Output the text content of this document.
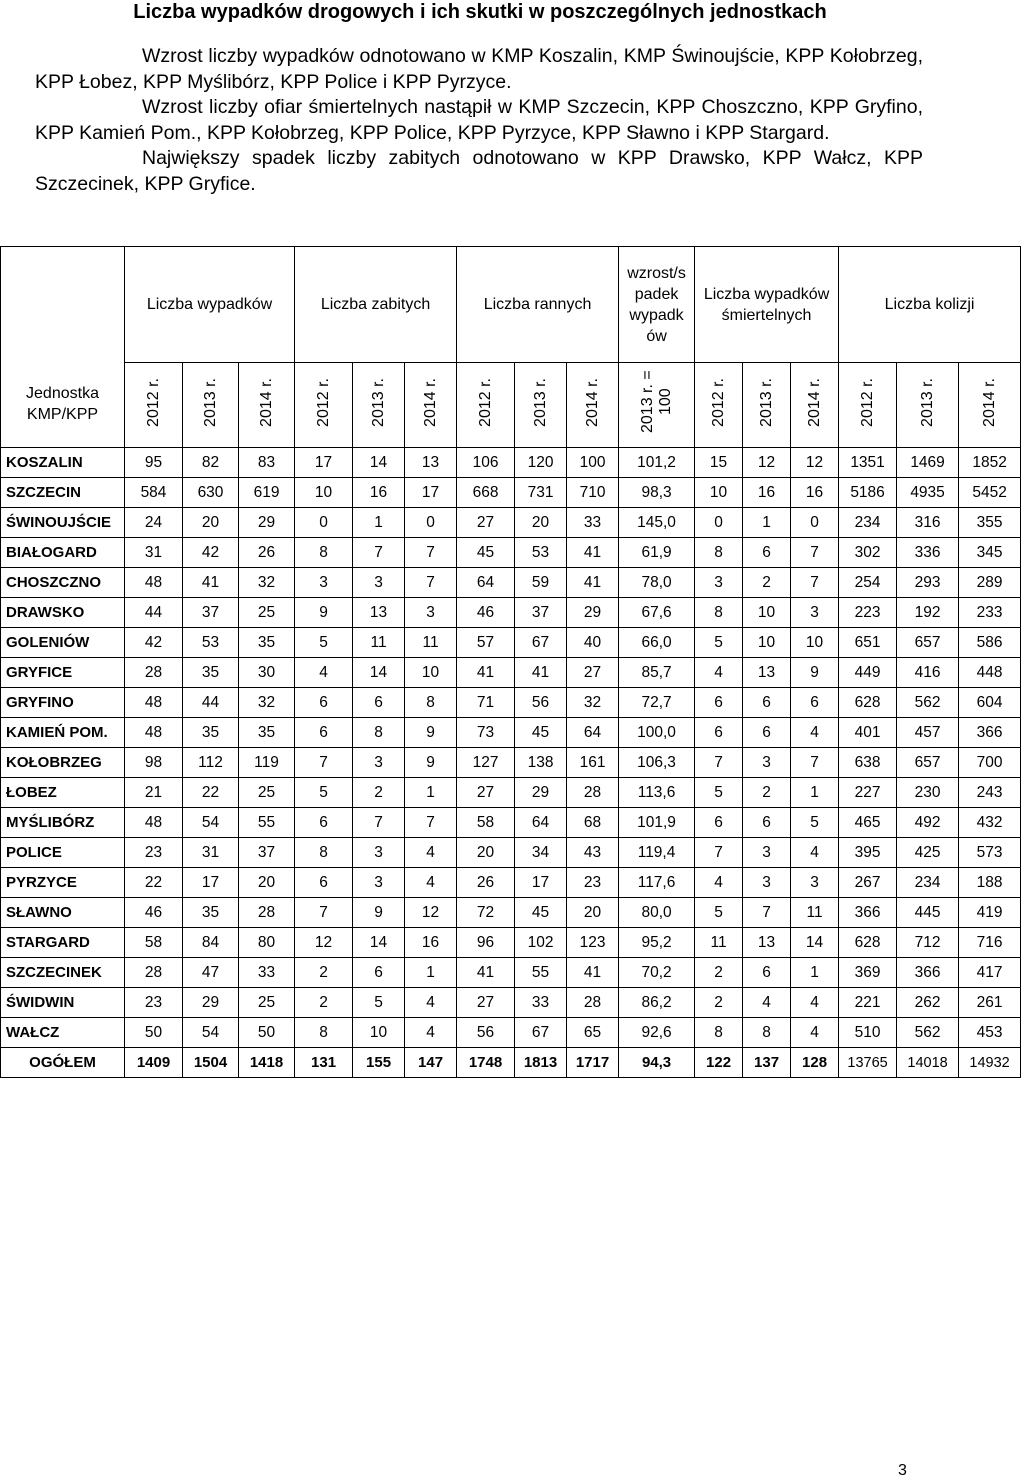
Liczba wypadków drogowych i ich skutki w poszczególnych jednostkach

Wzrost liczby wypadków odnotowano w KMP Koszalin, KMP Świnoujście, KPP Kołobrzeg, KPP Łobez, KPP Myślibórz, KPP Police i KPP Pyrzyce.

Wzrost liczby ofiar śmiertelnych nastąpił w KMP Szczecin, KPP Choszczno, KPP Gryfino, KPP Kamień Pom., KPP Kołobrzeg, KPP Police, KPP Pyrzyce, KPP Sławno i KPP Stargard.

Największy spadek liczby zabitych odnotowano w KPP Drawsko, KPP Wałcz, KPP Szczecinek, KPP Gryfice.

Jednostka KMP/KPP	Liczba wypadków			Liczba zabitych			Liczba rannych			wzrost/s padek wypadk ów	Liczba wypadków śmiertelnych			Liczba kolizji		
	2012 r.	2013 r.	2014 r.	2012 r.	2013 r.	2014 r.	2012 r.	2013 r.	2014 r.	2013 r. = 100	2012 r.	2013 r.	2014 r.	2012 r.	2013 r.	2014 r.
KOSZALIN	95	82	83	17	14	13	106	120	100	101,2	15	12	12	1351	1469	1852
SZCZECIN	584	630	619	10	16	17	668	731	710	98,3	10	16	16	5186	4935	5452
ŚWINOUJŚCIE	24	20	29	0	1	0	27	20	33	145,0	0	1	0	234	316	355
BIAŁOGARD	31	42	26	8	7	7	45	53	41	61,9	8	6	7	302	336	345
CHOSZCZNO	48	41	32	3	3	7	64	59	41	78,0	3	2	7	254	293	289
DRAWSKO	44	37	25	9	13	3	46	37	29	67,6	8	10	3	223	192	233
GOLENIÓW	42	53	35	5	11	11	57	67	40	66,0	5	10	10	651	657	586
GRYFICE	28	35	30	4	14	10	41	41	27	85,7	4	13	9	449	416	448
GRYFINO	48	44	32	6	6	8	71	56	32	72,7	6	6	6	628	562	604
KAMIEŃ POM.	48	35	35	6	8	9	73	45	64	100,0	6	6	4	401	457	366
KOŁOBRZEG	98	112	119	7	3	9	127	138	161	106,3	7	3	7	638	657	700
ŁOBEZ	21	22	25	5	2	1	27	29	28	113,6	5	2	1	227	230	243
MYŚLIBÓRZ	48	54	55	6	7	7	58	64	68	101,9	6	6	5	465	492	432
POLICE	23	31	37	8	3	4	20	34	43	119,4	7	3	4	395	425	573
PYRZYCE	22	17	20	6	3	4	26	17	23	117,6	4	3	3	267	234	188
SŁAWNO	46	35	28	7	9	12	72	45	20	80,0	5	7	11	366	445	419
STARGARD	58	84	80	12	14	16	96	102	123	95,2	11	13	14	628	712	716
SZCZECINEK	28	47	33	2	6	1	41	55	41	70,2	2	6	1	369	366	417
ŚWIDWIN	23	29	25	2	5	4	27	33	28	86,2	2	4	4	221	262	261
WAŁCZ	50	54	50	8	10	4	56	67	65	92,6	8	8	4	510	562	453
OGÓŁEM	1409	1504	1418	131	155	147	1748	1813	1717	94,3	122	137	128	13765	14018	14932
3
